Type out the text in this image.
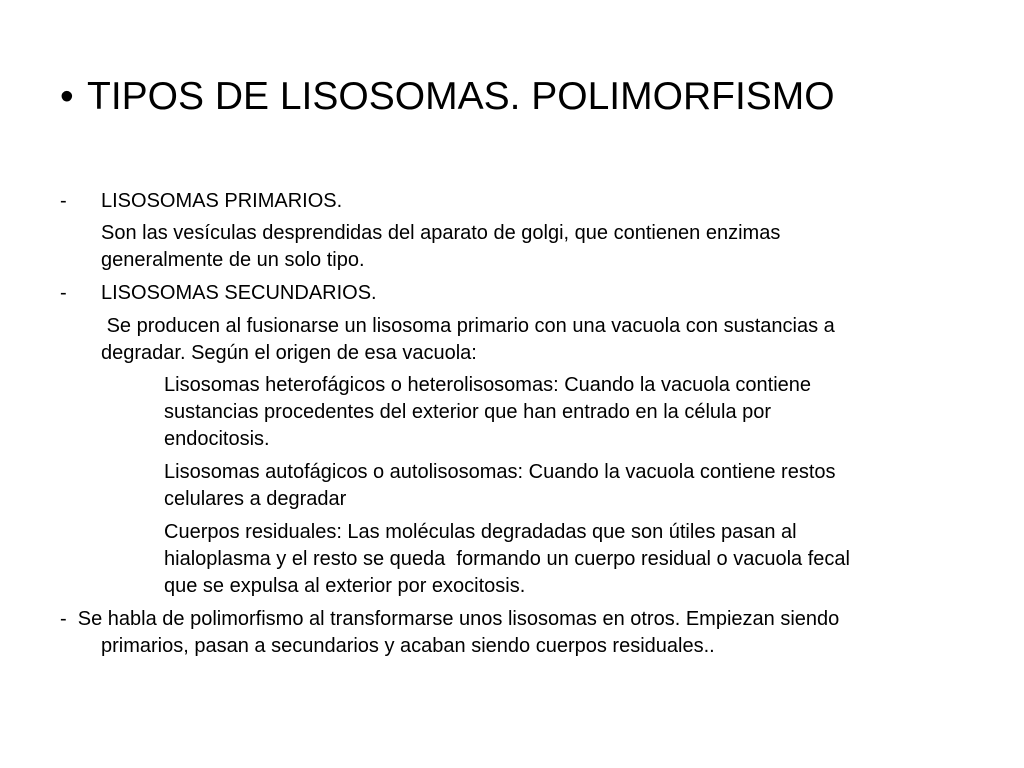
• TIPOS DE LISOSOMAS. POLIMORFISMO
- LISOSOMAS PRIMARIOS.
Son las vesículas desprendidas del aparato de golgi, que contienen enzimas
generalmente de un solo tipo.
- LISOSOMAS SECUNDARIOS.
Se producen al fusionarse un lisosoma primario con una vacuola con sustancias a
degradar. Según el origen de esa vacuola:
Lisosomas heterofágicos o heterolisosomas: Cuando la vacuola contiene
sustancias procedentes del exterior que han entrado en la célula por
endocitosis.
Lisosomas autofágicos o autolisosomas: Cuando la vacuola contiene restos
celulares a degradar
Cuerpos residuales: Las moléculas degradadas que son útiles pasan al
hialoplasma y el resto se queda  formando un cuerpo residual o vacuola fecal
que se expulsa al exterior por exocitosis.
-  Se habla de polimorfismo al transformarse unos lisosomas en otros. Empiezan siendo
primarios, pasan a secundarios y acaban siendo cuerpos residuales..
